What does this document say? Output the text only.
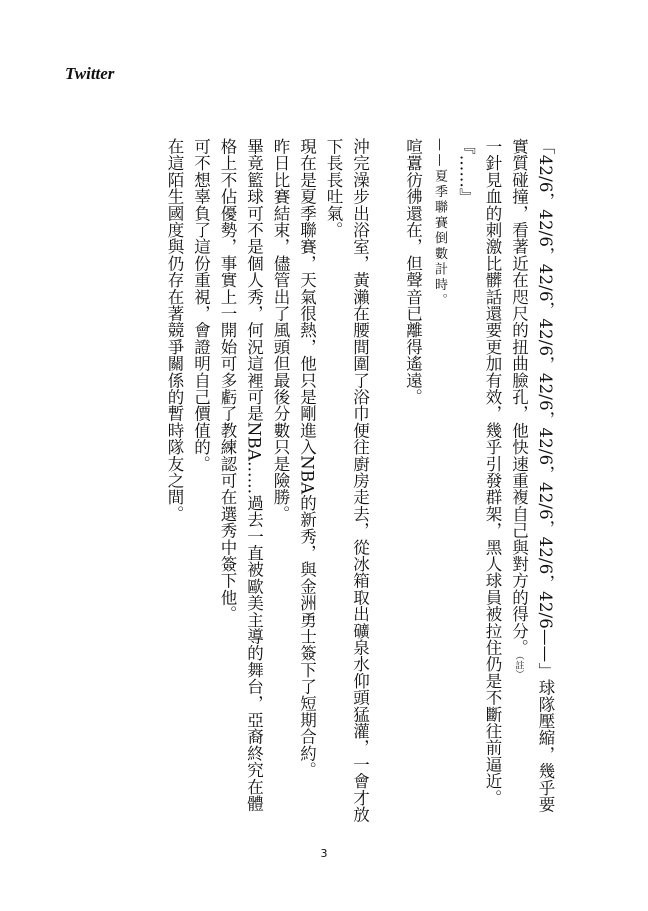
Twitter

「42/6，42/6，42/6，42/6，42/6，42/6，42/6，42/6，42/6——」球隊壓縮，幾乎要實質碰撞，看著近在咫尺的扭曲臉孔，他快速重複自己與對方的得分。（註）

一針見血的刺激比髒話還要更加有效，幾乎引發群架，黑人球員被拉住仍是不斷往前逼近。

『……』

——夏季聯賽倒數計時。

喧囂彷彿還在，但聲音已離得遙遠。

沖完澡步出浴室，黃瀨在腰間圍了浴巾便往廚房走去，從冰箱取出礦泉水仰頭猛灌，一會才放下長長吐氣。

現在是夏季聯賽，天氣很熱，他只是剛進入NBA的新秀，與金洲勇士簽下了短期合約。

昨日比賽結束，儘管出了風頭但最後分數只是險勝。

畢竟籃球可不是個人秀，何況這裡可是NBA……過去一直被歐美主導的舞台，亞裔終究在體格上不佔優勢，事實上一開始可多虧了教練認可在選秀中簽下他。

可不想辜負了這份重視，會證明自己價值的。

在這陌生國度與仍存在著競爭關係的暫時隊友之間。

3
